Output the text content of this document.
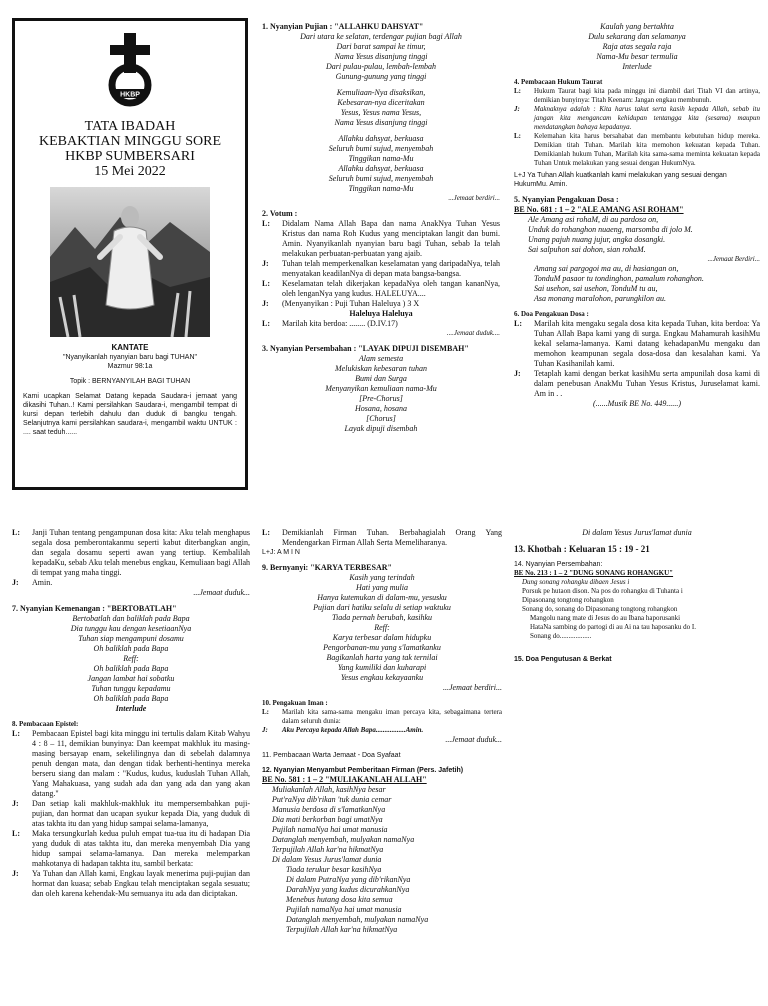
HKBP
TATA IBADAH
KEBAKTIAN MINGGU SORE
HKBP SUMBERSARI
15 Mei 2022
KANTATE
"Nyanyikanlah nyanyian baru bagi TUHAN"
Mazmur 98:1a
Topik : BERNYANYILAH BAGI TUHAN
Kami ucapkan Selamat Datang kepada Saudara-i jemaat yang dikasihi Tuhan..! Kami persilahkan Saudara-i, mengambil tempat di kursi depan terlebih dahulu dan duduk di bangku tengah. Selanjutnya kami persilahkan saudara-i, mengambil waktu UNTUK : .... saat teduh......
1. Nyanyian Pujian : "ALLAHKU DAHSYAT"
Dari utara ke selatan, terdengar pujian bagi Allah
Dari barat sampai ke timur,
Nama Yesus disanjung tinggi
Dari pulau-pulau, lembah-lembah
Gunung-gunung yang tinggi
Kemuliaan-Nya disaksikan,
Kebesaran-nya diceritakan
Yesus, Yesus nama Yesus,
Nama Yesus disanjung tinggi
Allahku dahsyat, berkuasa
Seluruh bumi sujud, menyembah
Tinggikan nama-Mu
Allahku dahsyat, berkuasa
Seluruh bumi sujud, menyembah
Tinggikan nama-Mu
...Jemaat berdiri...
2. Votum :
L:	Didalam Nama Allah Bapa dan nama AnakNya Tuhan Yesus Kristus dan nama Roh Kudus yang menciptakan langit dan bumi. Amin. Nyanyikanlah nyanyian baru bagi Tuhan, sebab Ia telah melakukan perbuatan-perbuatan yang ajaib.
J:	Tuhan telah memperkenalkan keselamatan yang daripadaNya, telah menyatakan keadilanNya di depan mata bangsa-bangsa.
L:	Keselamatan telah dikerjakan kepadaNya oleh tangan kananNya, oleh lenganNya yang kudus. HALELUYA....
J:	(Menyanyikan : Puji Tuhan Haleluya ) 3 X
Haleluya Haleluya
L:	Marilah kita berdoa: ........ (D.IV.17)
....Jemaat duduk....
3. Nyanyian Persembahan : "LAYAK DIPUJI DISEMBAH"
Alam semesta
Melukiskan kebesaran tuhan
Bumi dan Surga
Menyanyikan kemuliaan nama-Mu
[Pre-Chorus]
Hosana, hosana
[Chorus]
Layak dipuji disembah
Kaulah yang bertakhta
Dulu sekarang dan selamanya
Raja atas segala raja
Nama-Mu besar termulia
Interlude
4. Pembacaan Hukum Taurat
L:	Hukum Taurat bagi kita pada minggu ini diambil dari Titah VI dan artinya, demikian bunyinya: Titah Keenam: Jangan engkau membunuh.
J:	Maknaknya adalah : Kita harus takut serta kasih kepada Allah, sebab itu jangan kita mengancam kehidupan tentangga kita (sesama) maupun mendatangkan bahaya kepadanya.
L:	Kelemahan kita harus bersahabat dan membantu kebutuhan hidup mereka. Demikian titah Tuhan. Marilah kita memohon kekuatan kepada Tuhan. Demikianlah hukum Tuhan, Marilah kita sama-sama meminta kekuatan kepada Tuhan Untuk melakukan yang sesuai dengan HukumNya.
L+J Ya Tuhan Allah kuatkanlah kami melakukan yang sesuai dengan HukumMu. Amin.
5. Nyanyian Pengakuan Dosa :
BE No. 681 : 1 – 2 "ALE AMANG ASI ROHAM"
Ale Amang asi rohaM, di au pardosa on,
Unduk do rohanghon nuaeng, marsomba di jolo M.
Unang pajuh nuang jujur, angka dosangki.
Sai salpuhon sai dohon, sian rohaM.
...Jemaat Berdiri...
Amang sai pargogoi ma au, di hasiangan on,
TonduM pasaor tu tondinghon, pamalum rohanghon.
Sai usehon, sai usehon, TonduM tu au,
Asa monang maralohon, parungkilon au.
6. Doa Pengakuan Dosa :
L:	Marilah kita mengaku segala dosa kita kepada Tuhan, kita berdoa: Ya Tuhan Allah Bapa kami yang di surga. Engkau Mahamurah kasihMu kekal selama-lamanya. Kami datang kehadapanMu mengaku dan memohon keampunan segala dosa-dosa dan kesalahan kami. Ya Tuhan Kasihanilah kami.
J:	Tetaplah kami dengan berkat kasihMu serta ampunilah dosa kami di dalam penebusan AnakMu Tuhan Yesus Kristus, Juruselamat kami. Am in . .
(......Musik BE No. 449......)
L:	Janji Tuhan tentang pengampunan dosa kita: Aku telah menghapus segala dosa pemberontakanmu seperti kabut diterbangkan angin, dan segala dosamu seperti awan yang tertiup. Kembalilah kepadaKu, sebab Aku telah menebus engkau, Kemuliaan bagi Allah di tempat yang maha tinggi.
J:	Amin.
...Jemaat duduk...
7. Nyanyian Kemenangan : "BERTOBATLAH"
Bertobatlah dan baliklah pada Bapa
Dia tunggu kau dengan kesetiaanNya
Tuhan siap mengampuni dosamu
Oh baliklah pada Bapa
Reff:
Oh baliklah pada Bapa
Jangan lambat hai sobatku
Tuhan tunggu kepadamu
Oh baliklah pada Bapa
Interlude
8. Pembacaan Epistel:
L:	Pembacaan Epistel bagi kita minggu ini tertulis dalam Kitab Wahyu 4 : 8 – 11, demikian bunyinya: Dan keempat makhluk itu masing-masing bersayap enam, sekelilingnya dan di sebelah dalamnya penuh dengan mata, dan dengan tidak berhenti-hentinya mereka berseru siang dan malam : "Kudus, kudus, kuduslah Tuhan Allah, Yang Mahakuasa, yang sudah ada dan yang ada dan yang akan datang."
J:	Dan setiap kali makhluk-makhluk itu mempersembahkan puji-pujian, dan hormat dan ucapan syukur kepada Dia, yang duduk di atas takhta itu dan yang hidup sampai selama-lamanya,
L:	Maka tersungkurlah kedua puluh empat tua-tua itu di hadapan Dia yang duduk di atas takhta itu, dan mereka menyembah Dia yang hidup sampai selama-lamanya. Dan mereka melemparkan mahkotanya di hadapan takhta itu, sambil berkata:
J:	Ya Tuhan dan Allah kami, Engkau layak menerima puji-pujian dan hormat dan kuasa; sebab Engkau telah menciptakan segala sesuatu; dan oleh karena kehendak-Mu semuanya itu ada dan diciptakan.
L:	Demikianlah Firman Tuhan. Berbahagialah Orang Yang Mendengarkan Firman Allah Serta Memeliharanya.
L+J: A M I N
9. Bernyanyi: "KARYA TERBESAR"
Kasih yang terindah
Hati yang mulia
Hanya kutemukan di dalam-mu, yesusku
Pujian dari hatiku selalu di setiap waktuku
Tiada pernah berubah, kasihku
Reff:
Karya terbesar dalam hidupku
Pengorbanan-mu yang s'lamatkanku
Bagikanlah harta yang tak ternilai
Yang kumiliki dan kuharapi
Yesus engkau kekayaanku
...Jemaat berdiri...
10. Pengakuan Iman :
L:	Marilah kita sama-sama mengaku iman percaya kita, sebagaimana tertera dalam seluruh dunia:
J:	Aku Percaya kepada Allah Bapa.................Amin.
...Jemaat duduk...
11. Pembacaan Warta Jemaat - Doa Syafaat
12. Nyanyian Menyambut Pemberitaan Firman (Pers. Jafetih)
BE No. 581 : 1 – 2 "MULIAKANLAH ALLAH"
Muliakanlah Allah, kasihNya besar
Put'raNya dib'rikan 'tuk dunia cemar
Manusia berdosa di s'lamatkanNya
Dia mati berkorban bagi umatNya
Pujilah namaNya hai umat manusia
Datanglah menyembah, mulyakan namaNya
Terpujilah Allah kar'na hikmatNya
Di dalam Yesus Jurus'lamat dunia
Tiada terukur besar kasihNya
Di dalam PutraNya yang dib'rikanNya
DarahNya yang kudus dicurahkanNya
Menebus hutang dosa kita semua
Pujilah namaNya hai umat manusia
Datanglah menyembah, mulyakan namaNya
Terpujilah Allah kar'na hikmatNya
Di dalam Yesus Jurus'lamat dunia
13. Khotbah : Keluaran 15 : 19 - 21
14. Nyanyian Persembahan:
BE No. 213 : 1 – 2 "DUNG SONANG ROHANGKU"
Dung sonang rohangku dibaen Jesus i
Porsuk pe hutaon dison. Na pos do rohangku di Tuhanta i
Dipasonang tongtong rohangkon
Sonang do, sonang do Dipasonang tongtong rohangkon
Mangolu nang mate di Jesus do au Ibana haporusanki
HataNa sambing do partogi di au Ai na tau haposanku do I.
Sonang do..................
15. Doa Pengutusan & Berkat
